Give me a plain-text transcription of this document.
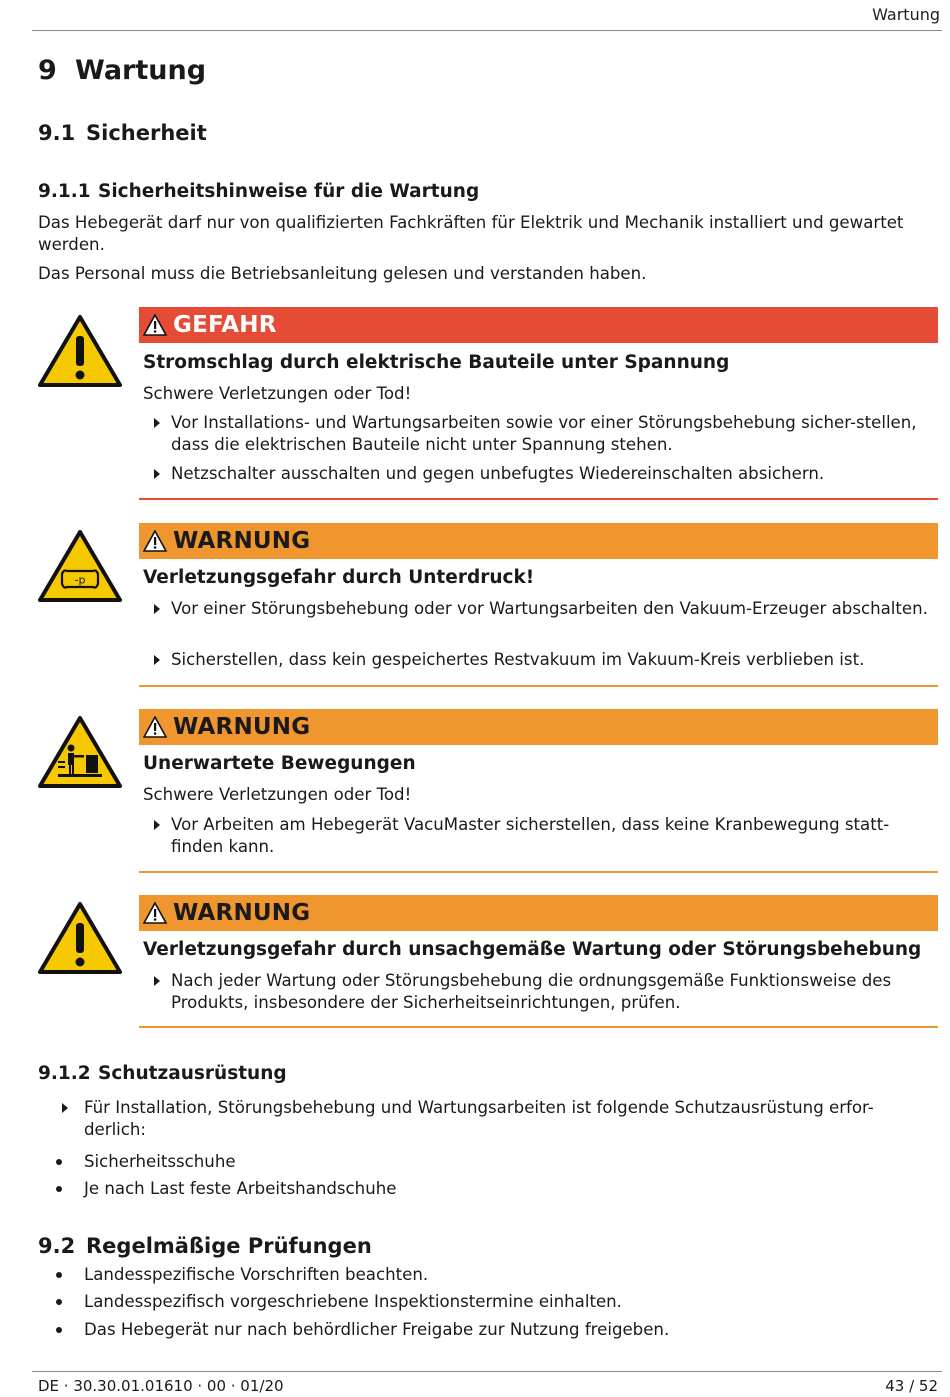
Wartung
9 Wartung
9.1 Sicherheit
9.1.1 Sicherheitshinweise für die Wartung

Das Hebegerät darf nur von qualifizierten Fachkräften für Elektrik und Mechanik installiert und gewartet werden.

Das Personal muss die Betriebsanleitung gelesen und verstanden haben.

GEFAHR
Stromschlag durch elektrische Bauteile unter Spannung
Schwere Verletzungen oder Tod!
Vor Installations- und Wartungsarbeiten sowie vor einer Störungsbehebung sicher-stellen, dass die elektrischen Bauteile nicht unter Spannung stehen.
Netzschalter ausschalten und gegen unbefugtes Wiedereinschalten absichern.
-p
WARNUNG
Verletzungsgefahr durch Unterdruck!
Vor einer Störungsbehebung oder vor Wartungsarbeiten den Vakuum-Erzeuger abschalten.
Sicherstellen, dass kein gespeichertes Restvakuum im Vakuum-Kreis verblieben ist.
WARNUNG
Unerwartete Bewegungen
Schwere Verletzungen oder Tod!
Vor Arbeiten am Hebegerät VacuMaster sicherstellen, dass keine Kranbewegung statt-finden kann.
WARNUNG
Verletzungsgefahr durch unsachgemäße Wartung oder Störungsbehebung
Nach jeder Wartung oder Störungsbehebung die ordnungsgemäße Funktionsweise des Produkts, insbesondere der Sicherheitseinrichtungen, prüfen.
9.1.2 Schutzausrüstung
Für Installation, Störungsbehebung und Wartungsarbeiten ist folgende Schutzausrüstung erfor-derlich:
Sicherheitsschuhe
Je nach Last feste Arbeitshandschuhe
9.2 Regelmäßige Prüfungen
Landesspezifische Vorschriften beachten.
Landesspezifisch vorgeschriebene Inspektionstermine einhalten.
Das Hebegerät nur nach behördlicher Freigabe zur Nutzung freigeben.
DE · 30.30.01.01610 · 00 · 01/20	43 / 52
